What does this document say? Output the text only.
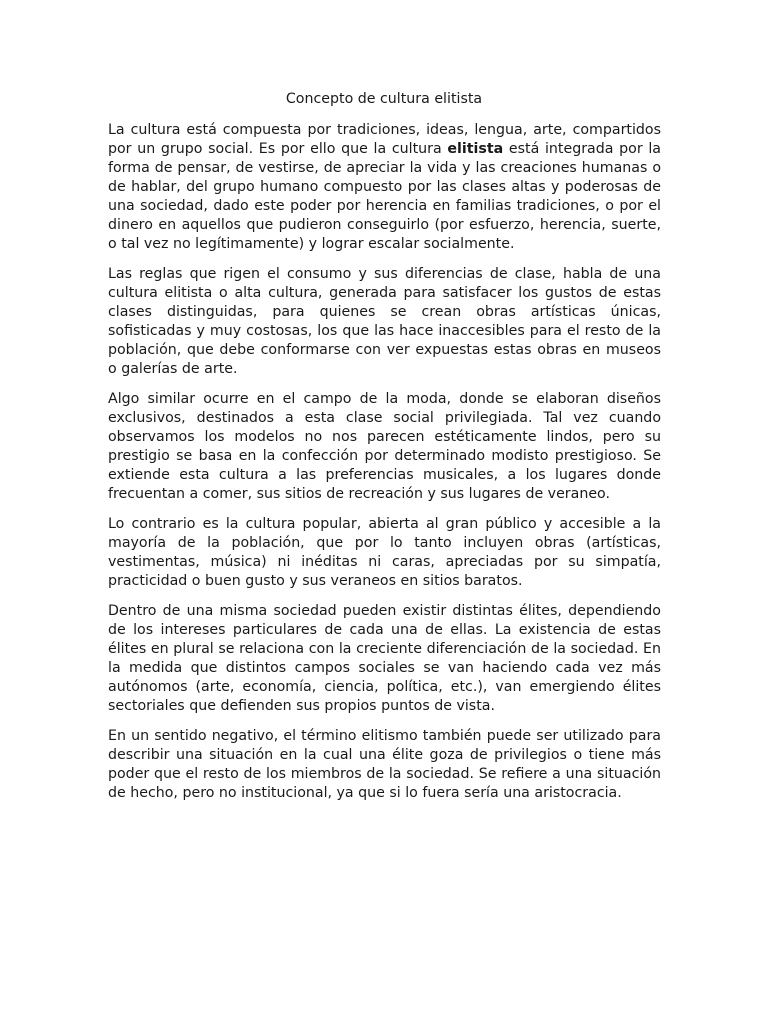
Concepto de cultura elitista

La cultura está compuesta por tradiciones, ideas, lengua, arte, compartidos por un grupo social. Es por ello que la cultura elitista está integrada por la forma de pensar, de vestirse, de apreciar la vida y las creaciones humanas o de hablar, del grupo humano compuesto por las clases altas y poderosas de una sociedad, dado este poder por herencia en familias tradiciones, o por el dinero en aquellos que pudieron conseguirlo (por esfuerzo, herencia, suerte, o tal vez no legítimamente) y lograr escalar socialmente.

Las reglas que rigen el consumo y sus diferencias de clase, habla de una cultura elitista o alta cultura, generada para satisfacer los gustos de estas clases distinguidas, para quienes se crean obras artísticas únicas, sofisticadas y muy costosas, los que las hace inaccesibles para el resto de la población, que debe conformarse con ver expuestas estas obras en museos o galerías de arte.

Algo similar ocurre en el campo de la moda, donde se elaboran diseños exclusivos, destinados a esta clase social privilegiada. Tal vez cuando observamos los modelos no nos parecen estéticamente lindos, pero su prestigio se basa en la confección por determinado modisto prestigioso. Se extiende esta cultura a las preferencias musicales, a los lugares donde frecuentan a comer, sus sitios de recreación y sus lugares de veraneo.

Lo contrario es la cultura popular, abierta al gran público y accesible a la mayoría de la población, que por lo tanto incluyen obras (artísticas, vestimentas, música) ni inéditas ni caras, apreciadas por su simpatía, practicidad o buen gusto y sus veraneos en sitios baratos.

Dentro de una misma sociedad pueden existir distintas élites, dependiendo de los intereses particulares de cada una de ellas. La existencia de estas élites en plural se relaciona con la creciente diferenciación de la sociedad. En la medida que distintos campos sociales se van haciendo cada vez más autónomos (arte, economía, ciencia, política, etc.), van emergiendo élites sectoriales que defienden sus propios puntos de vista.

En un sentido negativo, el término elitismo también puede ser utilizado para describir una situación en la cual una élite goza de privilegios o tiene más poder que el resto de los miembros de la sociedad. Se refiere a una situación de hecho, pero no institucional, ya que si lo fuera sería una aristocracia.
